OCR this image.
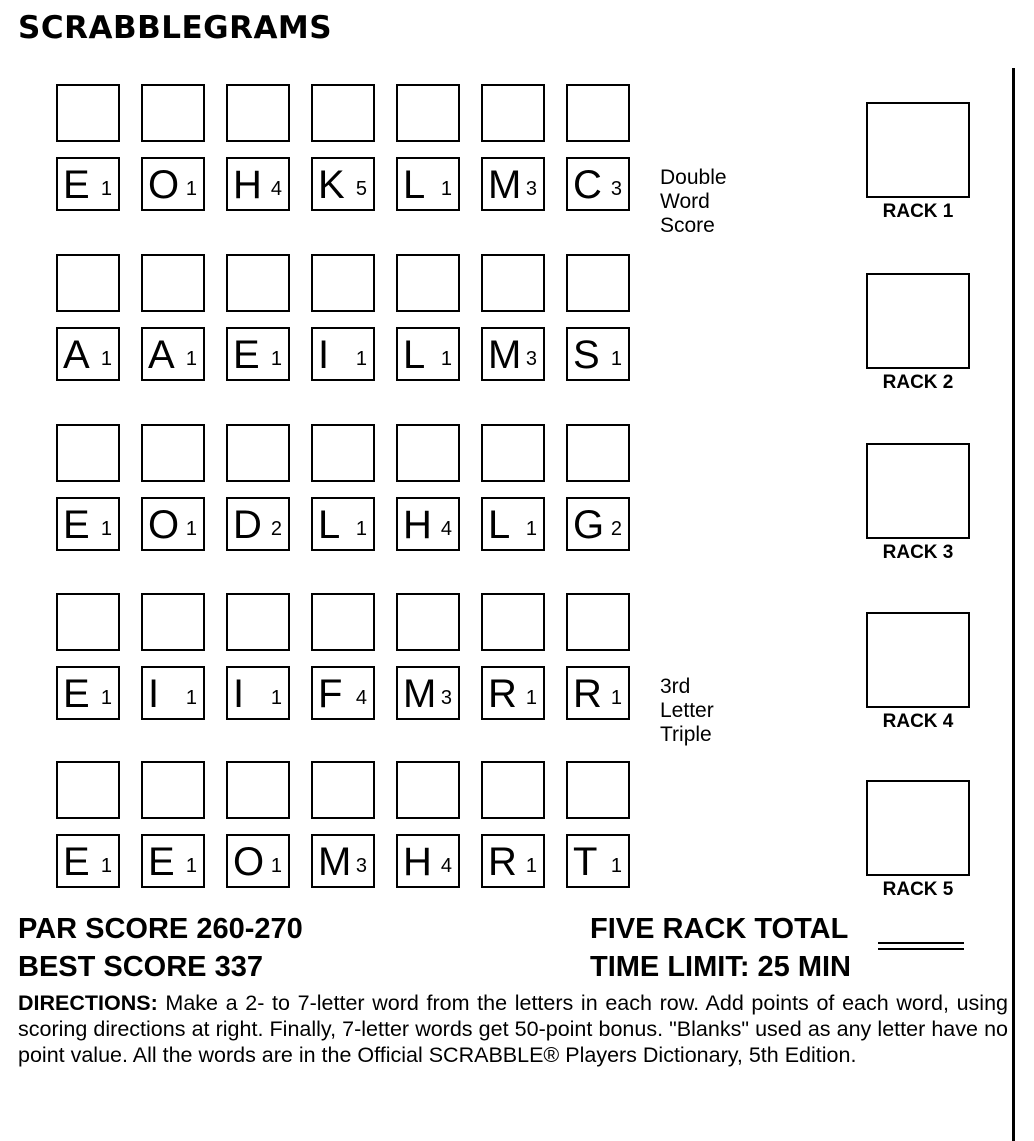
SCRABBLEGRAMS
E 1 O 1 H 4 K 5 L 1 M 3 C 3 Double
Word Score
A 1 A 1 E 1 I 1 L 1 M 3 S 1
E 1 O 1 D 2 L 1 H 4 L 1 G 2
E 1 I 1 I 1 F 4 M 3 R 1 R 1 3rd Letter
Triple
E 1 E 1 O 1 M 3 H 4 R 1 T 1
RACK 1
RACK 2
RACK 3
RACK 4
RACK 5
PAR SCORE 260-270
BEST SCORE 337
FIVE RACK TOTAL
TIME LIMIT: 25 MIN
DIRECTIONS: Make a 2- to 7-letter word from the letters in each row. Add points of each word, using scoring directions at right. Finally, 7-letter words get 50-point bonus. "Blanks" used as any letter have no point value. All the words are in the Official SCRABBLE® Players Dictionary, 5th Edition.
